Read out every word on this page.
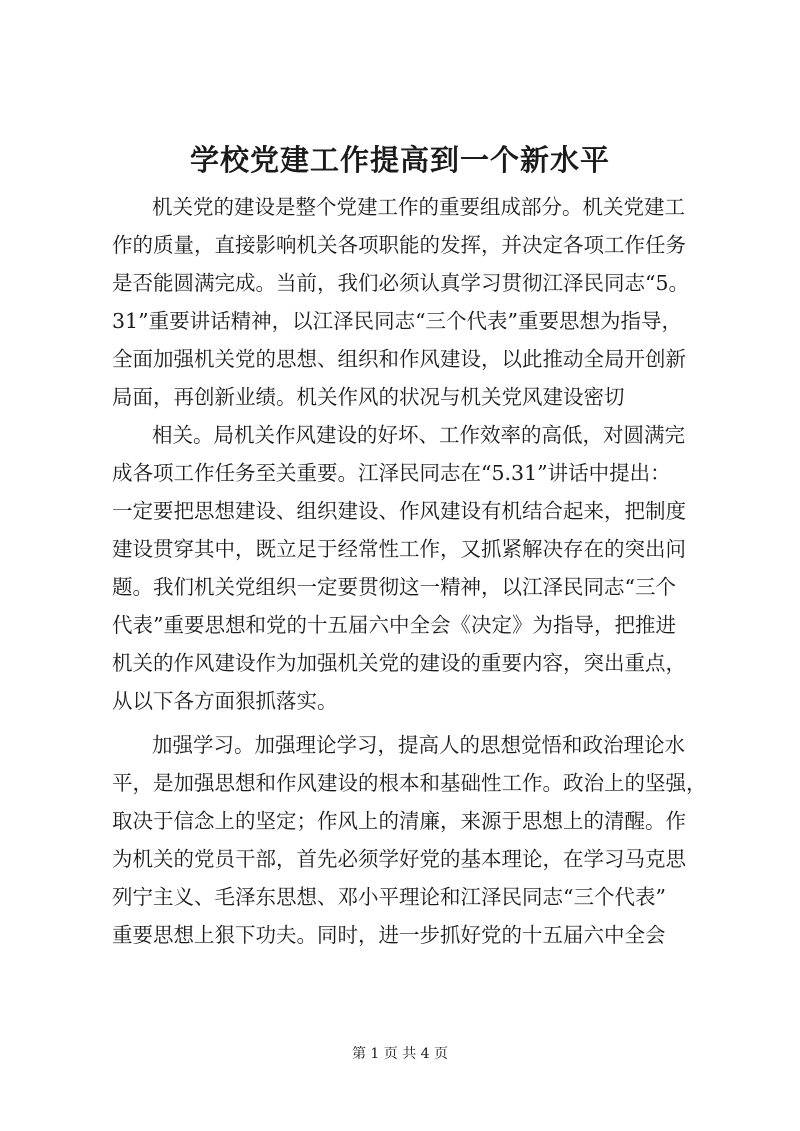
学校党建工作提高到一个新水平
机关党的建设是整个党建工作的重要组成部分。机关党建工
作的质量，直接影响机关各项职能的发挥，并决定各项工作任务
是否能圆满完成。当前，我们必须认真学习贯彻江泽民同志“5。
31”重要讲话精神，以江泽民同志“三个代表”重要思想为指导，
全面加强机关党的思想、组织和作风建设，以此推动全局开创新
局面，再创新业绩。机关作风的状况与机关党风建设密切
相关。局机关作风建设的好坏、工作效率的高低，对圆满完
成各项工作任务至关重要。江泽民同志在“5.31”讲话中提出：
一定要把思想建设、组织建设、作风建设有机结合起来，把制度
建设贯穿其中，既立足于经常性工作，又抓紧解决存在的突出问
题。我们机关党组织一定要贯彻这一精神，以江泽民同志“三个
代表”重要思想和党的十五届六中全会《决定》为指导，把推进
机关的作风建设作为加强机关党的建设的重要内容，突出重点，
从以下各方面狠抓落实。
加强学习。加强理论学习，提高人的思想觉悟和政治理论水
平，是加强思想和作风建设的根本和基础性工作。政治上的坚强，
取决于信念上的坚定；作风上的清廉，来源于思想上的清醒。作
为机关的党员干部，首先必须学好党的基本理论，在学习马克思
列宁主义、毛泽东思想、邓小平理论和江泽民同志“三个代表”
重要思想上狠下功夫。同时，进一步抓好党的十五届六中全会
第 1 页 共 4 页
